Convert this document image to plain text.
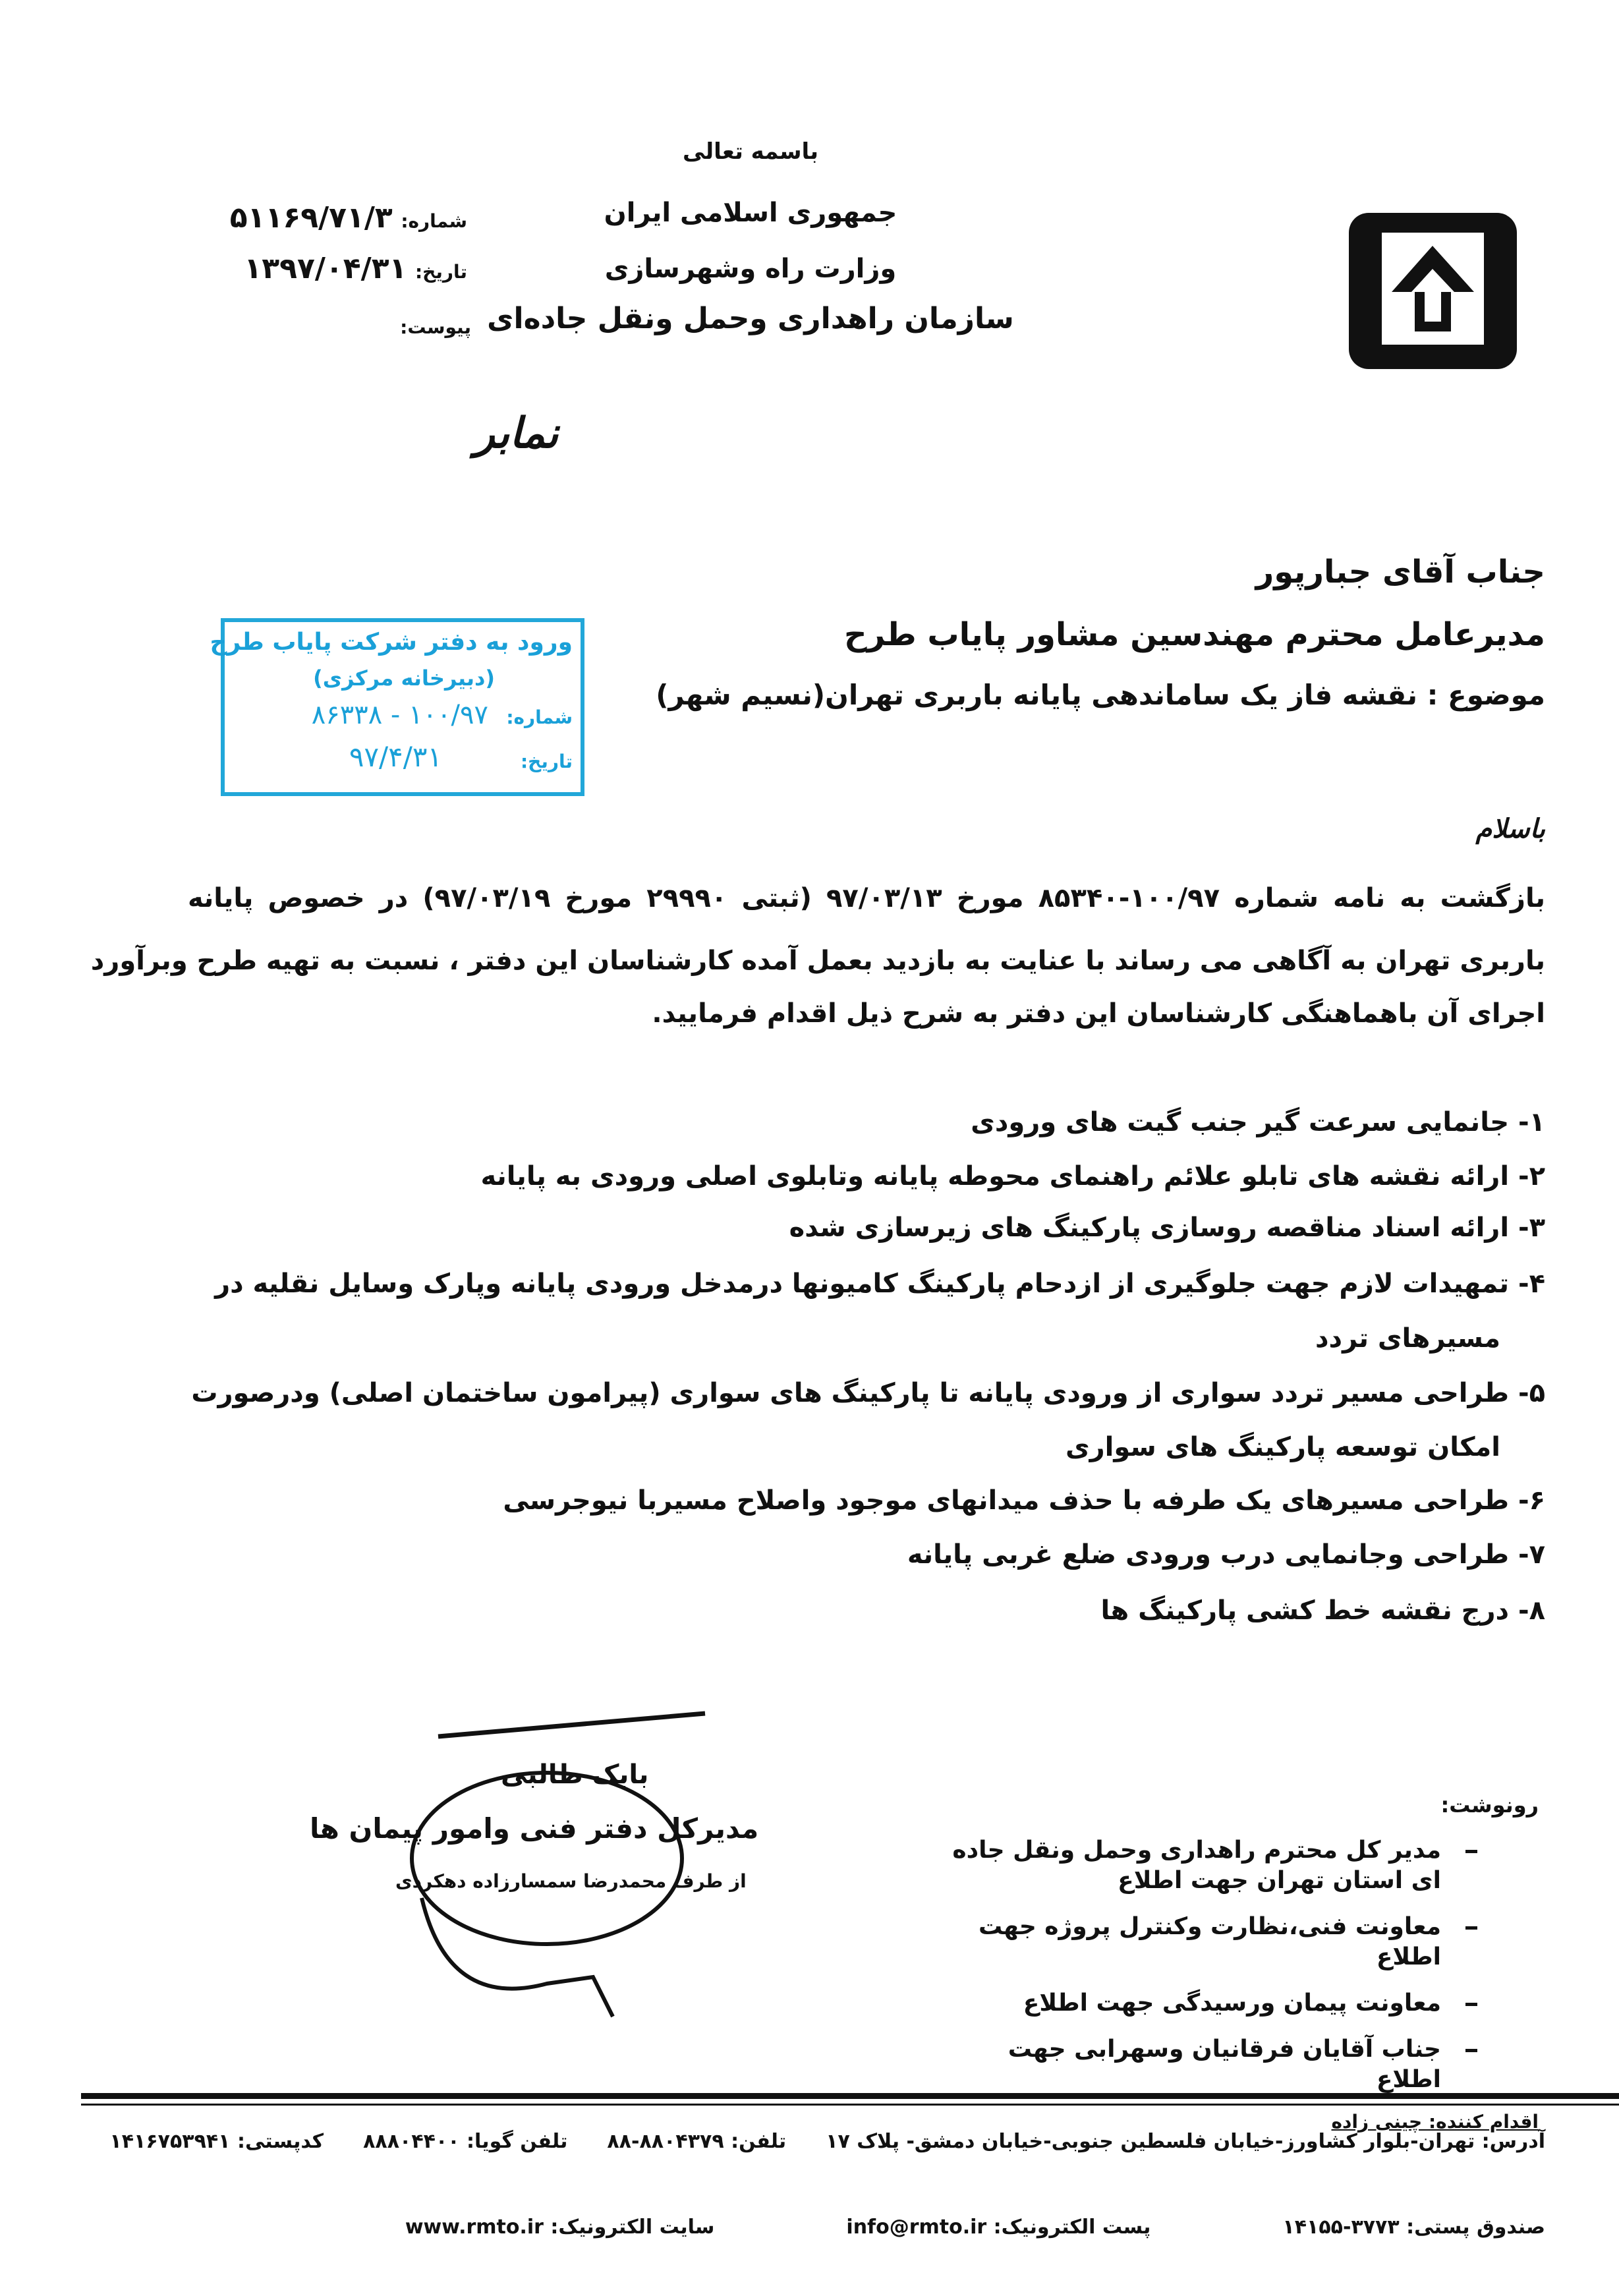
باسمه تعالی
جمهوری اسلامی ایران
وزارت راه وشهرسازی
سازمان راهداری وحمل ونقل جاده‌ای
شماره: ۵۱۱۶۹/۷۱/۳
تاریخ: ۱۳۹۷/۰۴/۳۱
پیوست:
نمابر
جناب آقای جبارپور
مدیرعامل محترم مهندسین مشاور پایاب طرح
موضوع : نقشه فاز یک ساماندهی پایانه باربری تهران(نسیم شهر)
ورود به دفتر شرکت پایاب طرح
(دبیرخانه مرکزی)
شماره:
۱۰۰/۹۷ - ۸۶۳۳۸
تاریخ:
۹۷/۴/۳۱
باسلام
بازگشت به نامه شماره ۱۰۰/۹۷-۸۵۳۴۰ مورخ ۹۷/۰۳/۱۳ (ثبتی ۲۹۹۹۰ مورخ ۹۷/۰۳/۱۹) در خصوص پایانه
باربری تهران به آگاهی می رساند با عنایت به بازدید بعمل آمده کارشناسان این دفتر ، نسبت به تهیه طرح وبرآورد
اجرای آن باهماهنگی کارشناسان این دفتر به شرح ذیل اقدام فرمایید.
۱- جانمایی سرعت گیر جنب گیت های ورودی
۲- ارائه نقشه های تابلو علائم راهنمای محوطه پایانه وتابلوی اصلی ورودی به پایانه
۳- ارائه اسناد مناقصه روسازی پارکینگ های زیرسازی شده
۴- تمهیدات لازم جهت جلوگیری از ازدحام پارکینگ کامیونها درمدخل ورودی پایانه وپارک وسایل نقلیه در
مسیرهای تردد
۵- طراحی مسیر تردد سواری از ورودی پایانه تا پارکینگ های سواری (پیرامون ساختمان اصلی) ودرصورت
امکان توسعه پارکینگ های سواری
۶- طراحی مسیرهای یک طرفه با حذف میدانهای موجود واصلاح مسیربا نیوجرسی
۷- طراحی وجانمایی درب ورودی ضلع غربی پایانه
۸- درج نقشه خط کشی پارکینگ ها
بابک طالبی
مدیرکل دفتر فنی وامور پیمان ها
از طرف محمدرضا سمسارزاده دهکردی
رونوشت:
مدیر کل محترم راهداری وحمل ونقل جاده ای استان تهران جهت اطلاع
معاونت فنی،نظارت وکنترل پروژه جهت اطلاع
معاونت پیمان ورسیدگی جهت اطلاع
جناب آقایان فرقانیان وسهرابی جهت اطلاع
اقدام کننده: چینی زاده
آدرس: تهران-بلوار کشاورز-خیابان فلسطین جنوبی-خیابان دمشق- پلاک ۱۷
تلفن: ۸۸۰۴۳۷۹-۸۸
تلفن گویا: ۸۸۸۰۴۴۰۰
کدپستی: ۱۴۱۶۷۵۳۹۴۱
صندوق پستی: ۳۷۷۳-۱۴۱۵۵
پست الکترونیک: info@rmto.ir
سایت الکترونیک: www.rmto.ir
